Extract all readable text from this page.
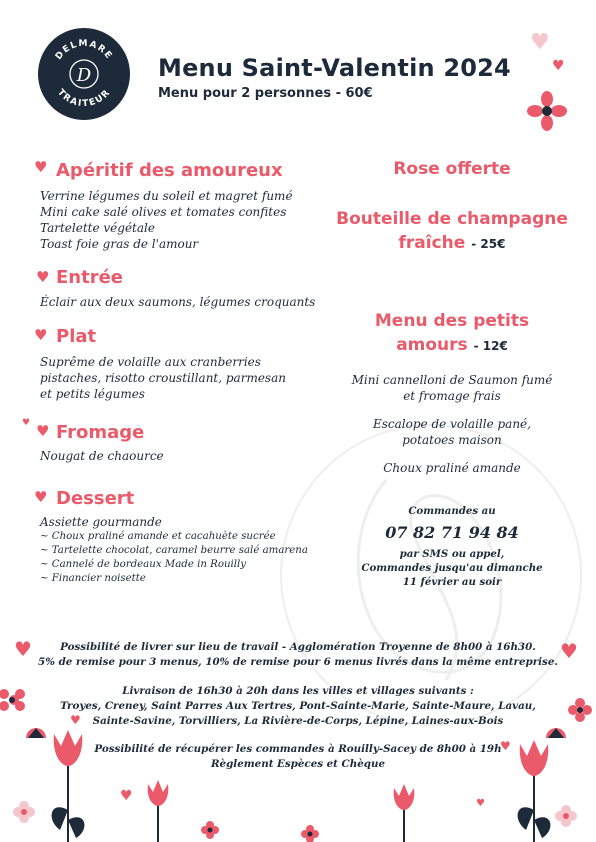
DELMARE
TRAITEUR
D	Menu Saint-Valentin 2024
Menu pour 2 personnes - 60€
♥
♥
♥ Apéritif des amoureux
Verrine légumes du soleil et magret fumé
Mini cake salé olives et tomates confites
Tartelette végétale
Toast foie gras de l'amour
♥ Entrée
Éclair aux deux saumons, légumes croquants
♥ Plat
Suprême de volaille aux cranberries
pistaches, risotto croustillant, parmesan
et petits légumes
♥ ♥ Fromage
Nougat de chaource
♥ Dessert
Assiette gourmande
~ Choux praliné amande et cacahuète sucrée
~ Tartelette chocolat, caramel beurre salé amarena
~ Cannelé de bordeaux Made in Rouilly
~ Financier noisette
Rose offerte
Bouteille de champagne
fraîche - 25€
Menu des petits
amours - 12€
Mini cannelloni de Saumon fumé
et fromage frais
Escalope de volaille pané,
potatoes maison
Choux praliné amande
Commandes au
07 82 71 94 84
par SMS ou appel,
Commandes jusqu'au dimanche
11 février au soir
Possibilité de livrer sur lieu de travail - Agglomération Troyenne de 8h00 à 16h30.
5% de remise pour 3 menus, 10% de remise pour 6 menus livrés dans la même entreprise.
Livraison de 16h30 à 20h dans les villes et villages suivants :
Troyes, Creney, Saint Parres Aux Tertres, Pont-Sainte-Marie, Sainte-Maure, Lavau,
Sainte-Savine, Torvilliers, La Rivière-de-Corps, Lépine, Laines-aux-Bois
Possibilité de récupérer les commandes à Rouilly-Sacey de 8h00 à 19h
Règlement Espèces et Chèque
♥	♥
♥
♥
♥	♥
